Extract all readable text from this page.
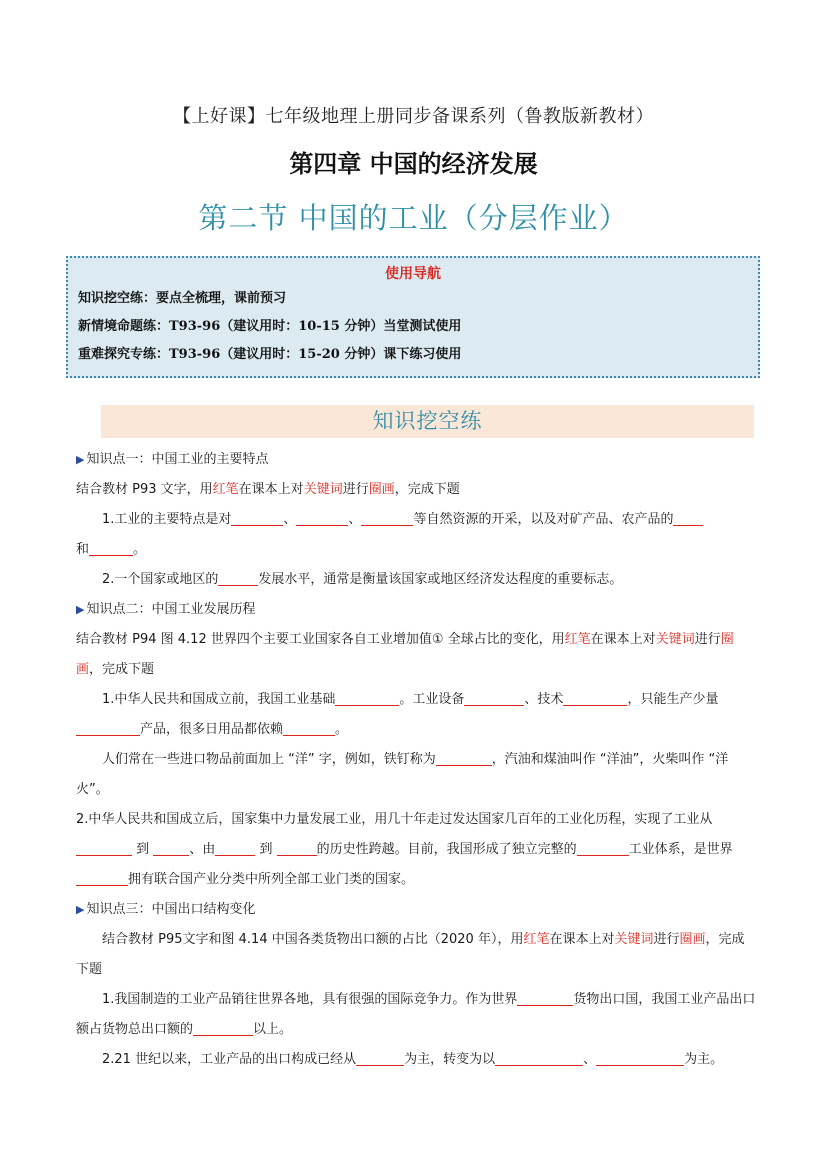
【上好课】七年级地理上册同步备课系列（鲁教版新教材）
第四章 中国的经济发展
第二节 中国的工业（分层作业）
使用导航
知识挖空练：要点全梳理，课前预习
新情境命题练：T93-96（建议用时：10-15 分钟）当堂测试使用
重难探究专练：T93-96（建议用时：15-20 分钟）课下练习使用
知识挖空练

▶ 知识点一：中国工业的主要特点

结合教材 P93 文字，用红笔在课本上对关键词进行圈画，完成下题

1.工业的主要特点是对	、	、	等自然资源的开采，以及对矿产品、农产品的

和	。

2.一个国家或地区的	发展水平，通常是衡量该国家或地区经济发达程度的重要标志。

▶ 知识点二：中国工业发展历程

结合教材 P94 图 4.12 世界四个主要工业国家各自工业增加值① 全球占比的变化，用红笔在课本上对关键词进行圈画，完成下题

1.中华人民共和国成立前，我国工业基础	。工业设备	、技术	，只能生产少量产品，很多日用品都依赖	。

人们常在一些进口物品前面加上 “洋” 字，例如，铁钉称为	，汽油和煤油叫作 “洋油”，火柴叫作 “洋火”。

2.中华人民共和国成立后，国家集中力量发展工业，用几十年走过发达国家几百年的工业化历程，实现了工业从 到	、由	到	的历史性跨越。目前，我国形成了独立完整的	工业体系，是世界拥有联合国产业分类中所列全部工业门类的国家。

▶ 知识点三：中国出口结构变化

结合教材 P95文字和图 4.14 中国各类货物出口额的占比（2020 年），用红笔在课本上对关键词进行圈画，完成下题

1.我国制造的工业产品销往世界各地，具有很强的国际竞争力。作为世界	货物出口国，我国工业产品出口额占货物总出口额的	以上。

2.21 世纪以来，工业产品的出口构成已经从	为主，转变为以	、	为主。
